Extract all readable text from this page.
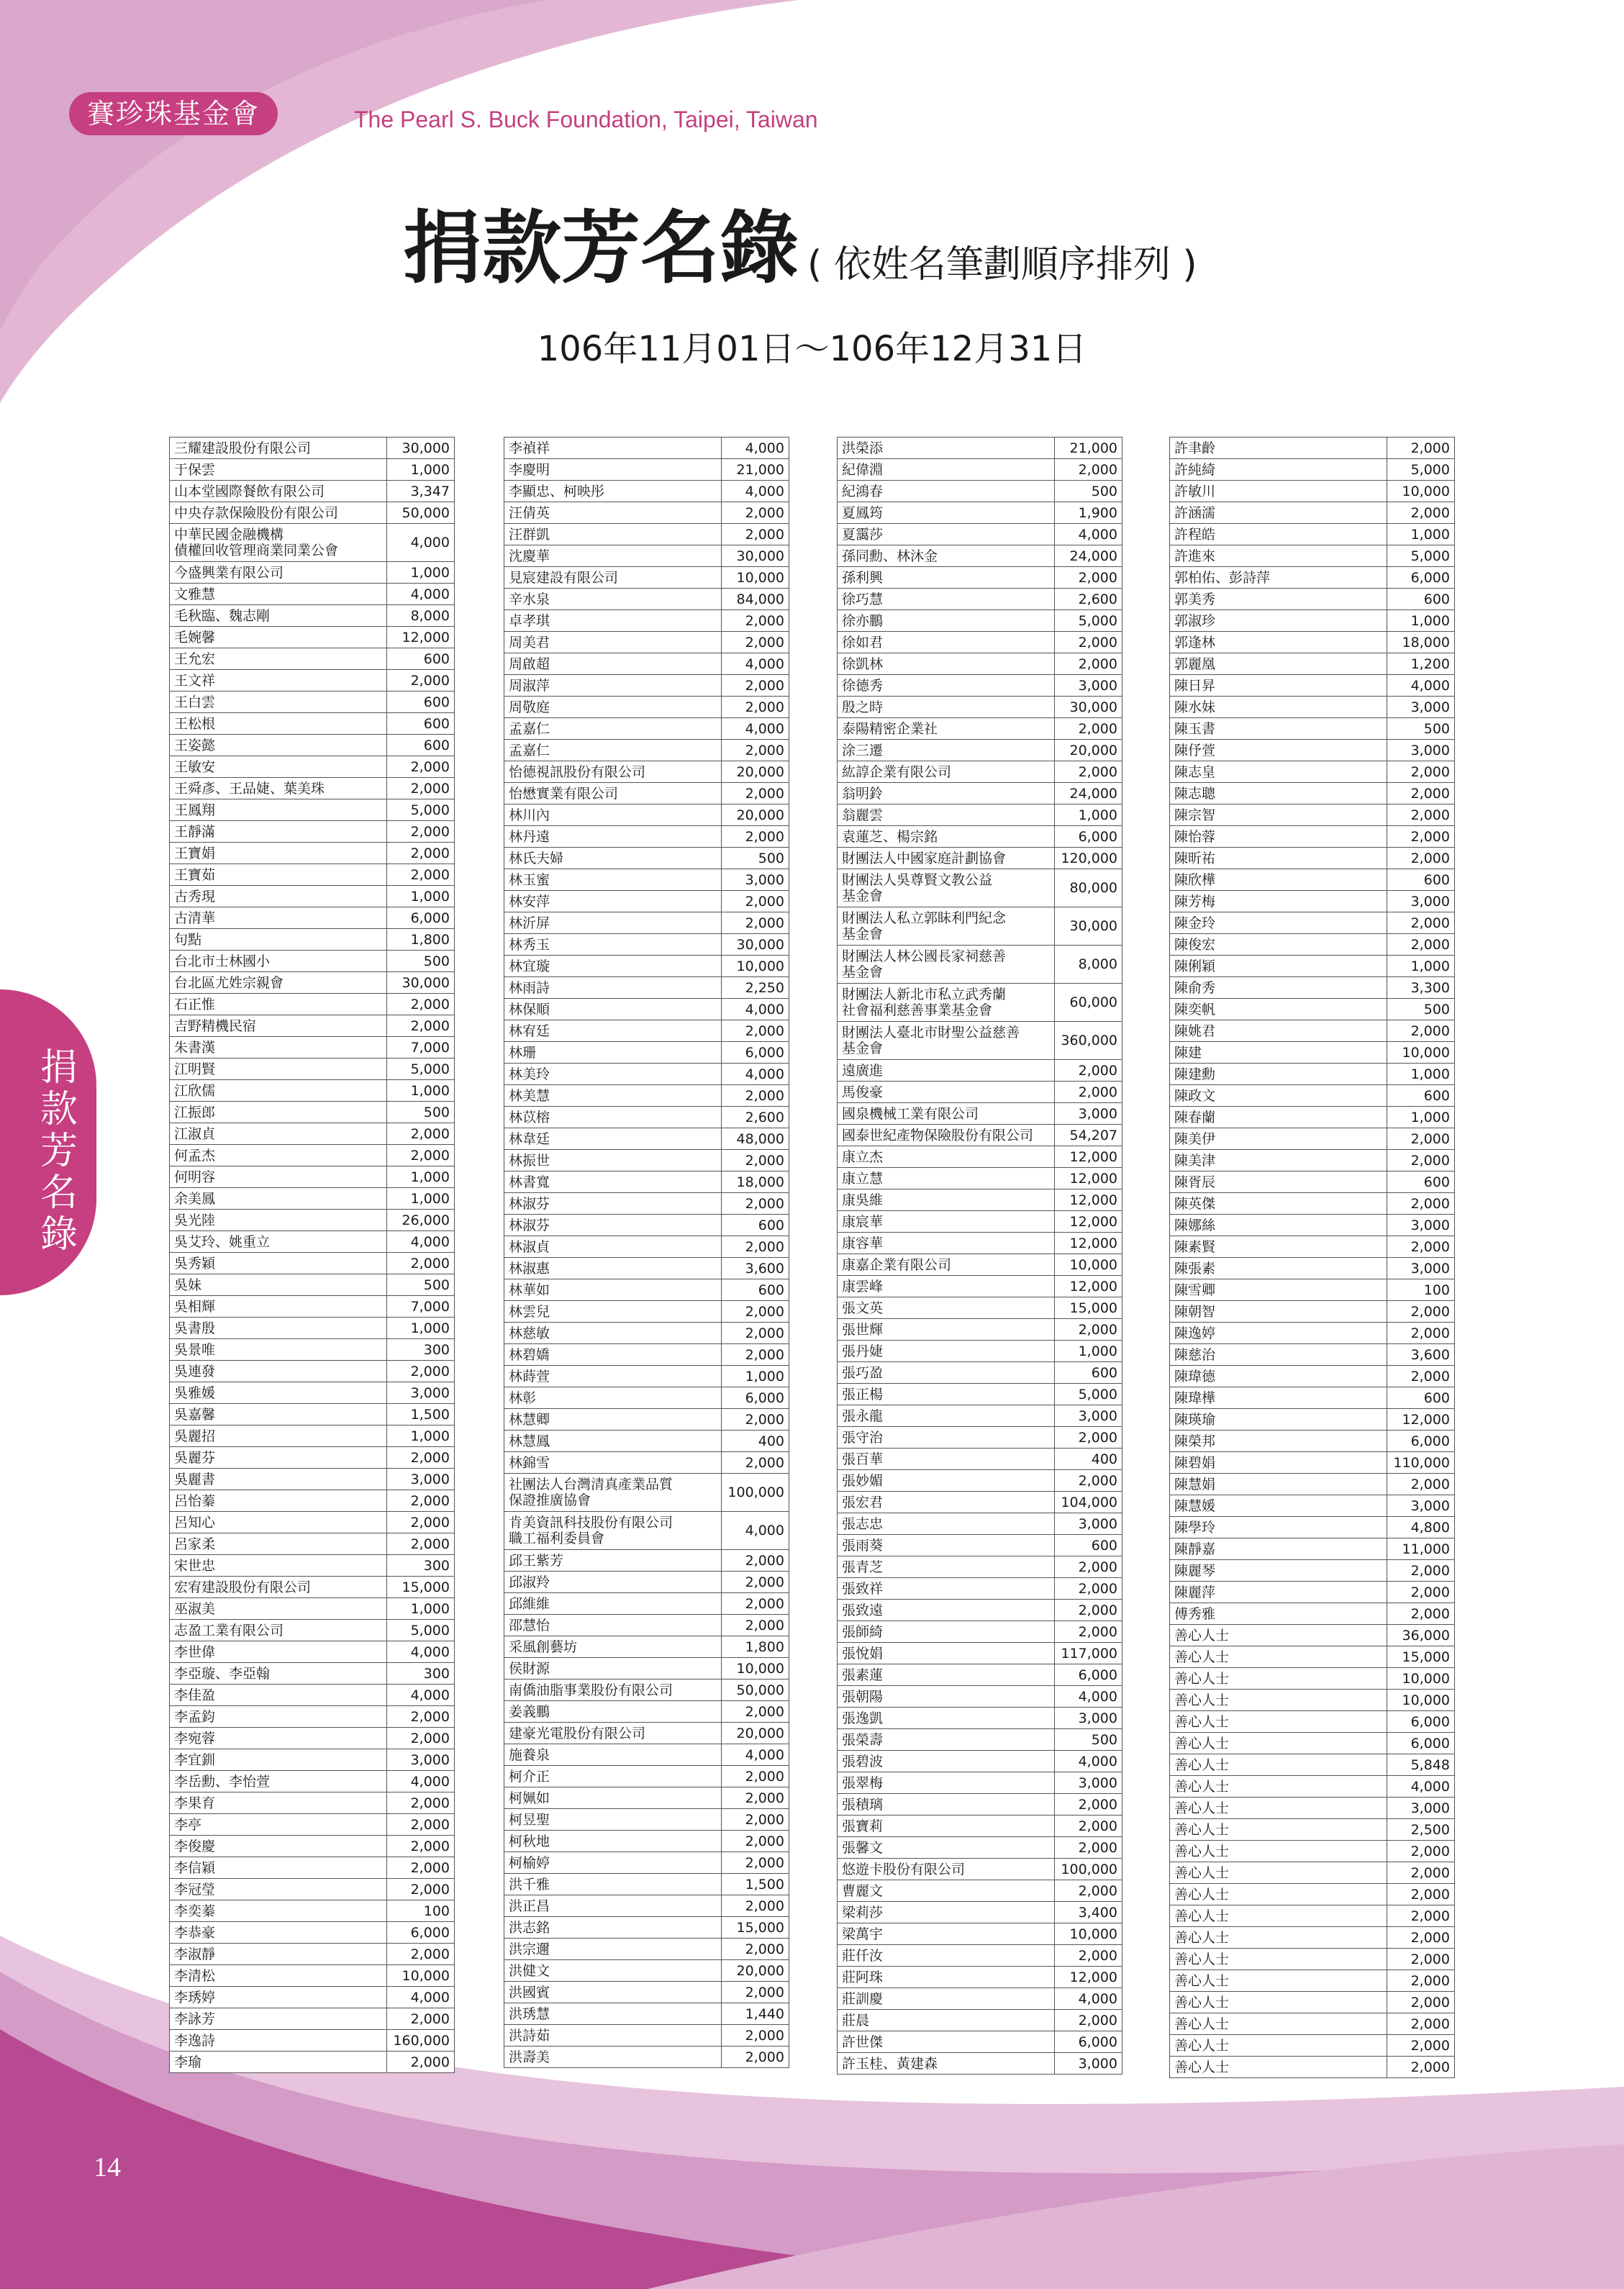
賽珍珠基金會	The Pearl S. Buck Foundation, Taipei, Taiwan
捐款芳名錄 ( 依姓名筆劃順序排列 )
106年11月01日～106年12月31日
捐款芳名錄
14
三耀建設股份有限公司	30,000
于保雲	1,000
山本堂國際餐飲有限公司	3,347
中央存款保險股份有限公司	50,000
中華民國金融機構
債權回收管理商業同業公會	4,000
今盛興業有限公司	1,000
文雅慧	4,000
毛秋臨、魏志剛	8,000
毛婉馨	12,000
王允宏	600
王文祥	2,000
王白雲	600
王松根	600
王姿懿	600
王敏安	2,000
王舜彥、王品婕、葉美珠	2,000
王鳳翔	5,000
王靜滿	2,000
王寶娟	2,000
王寶茹	2,000
古秀現	1,000
古清華	6,000
句點	1,800
台北市士林國小	500
台北區尤姓宗親會	30,000
石正惟	2,000
吉野精機民宿	2,000
朱書漢	7,000
江明賢	5,000
江欣儒	1,000
江振郎	500
江淑貞	2,000
何孟杰	2,000
何明容	1,000
余美鳳	1,000
吳光陸	26,000
吳艾玲、姚重立	4,000
吳秀穎	2,000
吳妹	500
吳相輝	7,000
吳書殷	1,000
吳景唯	300
吳連發	2,000
吳雅媛	3,000
吳嘉馨	1,500
吳麗招	1,000
吳麗芬	2,000
吳麗書	3,000
呂怡蓁	2,000
呂知心	2,000
呂家柔	2,000
宋世忠	300
宏宥建設股份有限公司	15,000
巫淑美	1,000
志盈工業有限公司	5,000
李世偉	4,000
李亞璇、李亞翰	300
李佳盈	4,000
李孟鈞	2,000
李宛蓉	2,000
李宜釧	3,000
李岳勳、李怡萱	4,000
李果育	2,000
李亭	2,000
李俊慶	2,000
李信穎	2,000
李冠瑩	2,000
李奕蓁	100
李恭豪	6,000
李淑靜	2,000
李清松	10,000
李琇婷	4,000
李詠芳	2,000
李逸詩	160,000
李瑜	2,000
李禎祥	4,000
李慶明	21,000
李顯忠、柯映彤	4,000
汪倩英	2,000
汪群凱	2,000
沈慶華	30,000
見宸建設有限公司	10,000
辛水泉	84,000
卓孝琪	2,000
周美君	2,000
周啟超	4,000
周淑萍	2,000
周敬庭	2,000
孟嘉仁	4,000
孟嘉仁	2,000
怡德視訊股份有限公司	20,000
怡懋實業有限公司	2,000
林川內	20,000
林丹遠	2,000
林氏夫婦	500
林玉蜜	3,000
林安萍	2,000
林沂屏	2,000
林秀玉	30,000
林宜璇	10,000
林雨詩	2,250
林保順	4,000
林宥廷	2,000
林珊	6,000
林美玲	4,000
林美慧	2,000
林苡榕	2,600
林韋廷	48,000
林振世	2,000
林書寬	18,000
林淑芬	2,000
林淑芬	600
林淑貞	2,000
林淑惠	3,600
林華如	600
林雲兒	2,000
林慈敏	2,000
林碧嬌	2,000
林蒔萱	1,000
林彰	6,000
林慧卿	2,000
林慧鳳	400
林錦雪	2,000
社團法人台灣清真產業品質
保證推廣協會	100,000
肯美資訊科技股份有限公司
職工福利委員會	4,000
邱王紫芳	2,000
邱淑羚	2,000
邱維維	2,000
邵慧怡	2,000
采風創藝坊	1,800
侯財源	10,000
南僑油脂事業股份有限公司	50,000
姜義鵬	2,000
建豪光電股份有限公司	20,000
施養泉	4,000
柯介正	2,000
柯姵如	2,000
柯昱聖	2,000
柯秋地	2,000
柯榆婷	2,000
洪千雅	1,500
洪正昌	2,000
洪志銘	15,000
洪宗邇	2,000
洪健文	20,000
洪國賓	2,000
洪琇慧	1,440
洪詩茹	2,000
洪壽美	2,000
洪榮添	21,000
紀偉淵	2,000
紀鴻春	500
夏鳳筠	1,900
夏靄莎	4,000
孫同勳、林沐金	24,000
孫利興	2,000
徐巧慧	2,600
徐亦鵬	5,000
徐如君	2,000
徐凱林	2,000
徐德秀	3,000
殷之時	30,000
泰陽精密企業社	2,000
涂三遷	20,000
紘諄企業有限公司	2,000
翁明鈴	24,000
翁麗雲	1,000
袁蓮芝、楊宗銘	6,000
財團法人中國家庭計劃協會	120,000
財團法人吳尊賢文教公益
基金會	80,000
財團法人私立郭眛利門紀念
基金會	30,000
財團法人林公國長家祠慈善
基金會	8,000
財團法人新北市私立武秀蘭
社會福利慈善事業基金會	60,000
財團法人臺北市財聖公益慈善
基金會	360,000
遠廣進	2,000
馬俊豪	2,000
國泉機械工業有限公司	3,000
國泰世紀產物保險股份有限公司	54,207
康立杰	12,000
康立慧	12,000
康吳維	12,000
康宸華	12,000
康容華	12,000
康嘉企業有限公司	10,000
康雲峰	12,000
張文英	15,000
張世輝	2,000
張丹婕	1,000
張巧盈	600
張正楊	5,000
張永龍	3,000
張守治	2,000
張百華	400
張妙媚	2,000
張宏君	104,000
張志忠	3,000
張雨葵	600
張青芝	2,000
張致祥	2,000
張致遠	2,000
張師綺	2,000
張悅娟	117,000
張素蓮	6,000
張朝陽	4,000
張逸凱	3,000
張榮壽	500
張碧波	4,000
張翠梅	3,000
張積璃	2,000
張寶莉	2,000
張馨文	2,000
悠遊卡股份有限公司	100,000
曹麗文	2,000
梁莉莎	3,400
梁萬宇	10,000
莊仟汝	2,000
莊阿珠	12,000
莊訓慶	4,000
莊晨	2,000
許世傑	6,000
許玉桂、黃建森	3,000
許聿齡	2,000
許純綺	5,000
許敏川	10,000
許涵濡	2,000
許程皓	1,000
許進來	5,000
郭柏佑、彭詩萍	6,000
郭美秀	600
郭淑珍	1,000
郭逢林	18,000
郭麗凰	1,200
陳日昇	4,000
陳水妹	3,000
陳玉書	500
陳伃萱	3,000
陳志皇	2,000
陳志聰	2,000
陳宗智	2,000
陳怡蓉	2,000
陳昕祐	2,000
陳欣樺	600
陳芳梅	3,000
陳金玲	2,000
陳俊宏	2,000
陳俐穎	1,000
陳俞秀	3,300
陳奕帆	500
陳姚君	2,000
陳建	10,000
陳建勳	1,000
陳政文	600
陳春蘭	1,000
陳美伊	2,000
陳美津	2,000
陳胥辰	600
陳英傑	2,000
陳娜絲	3,000
陳素賢	2,000
陳張素	3,000
陳雪卿	100
陳朝智	2,000
陳逸婷	2,000
陳慈治	3,600
陳瑋德	2,000
陳瑋樺	600
陳瑛瑜	12,000
陳榮邦	6,000
陳碧娟	110,000
陳慧娟	2,000
陳慧媛	3,000
陳學玲	4,800
陳靜嘉	11,000
陳麗琴	2,000
陳麗萍	2,000
傅秀雅	2,000
善心人士	36,000
善心人士	15,000
善心人士	10,000
善心人士	10,000
善心人士	6,000
善心人士	6,000
善心人士	5,848
善心人士	4,000
善心人士	3,000
善心人士	2,500
善心人士	2,000
善心人士	2,000
善心人士	2,000
善心人士	2,000
善心人士	2,000
善心人士	2,000
善心人士	2,000
善心人士	2,000
善心人士	2,000
善心人士	2,000
善心人士	2,000
